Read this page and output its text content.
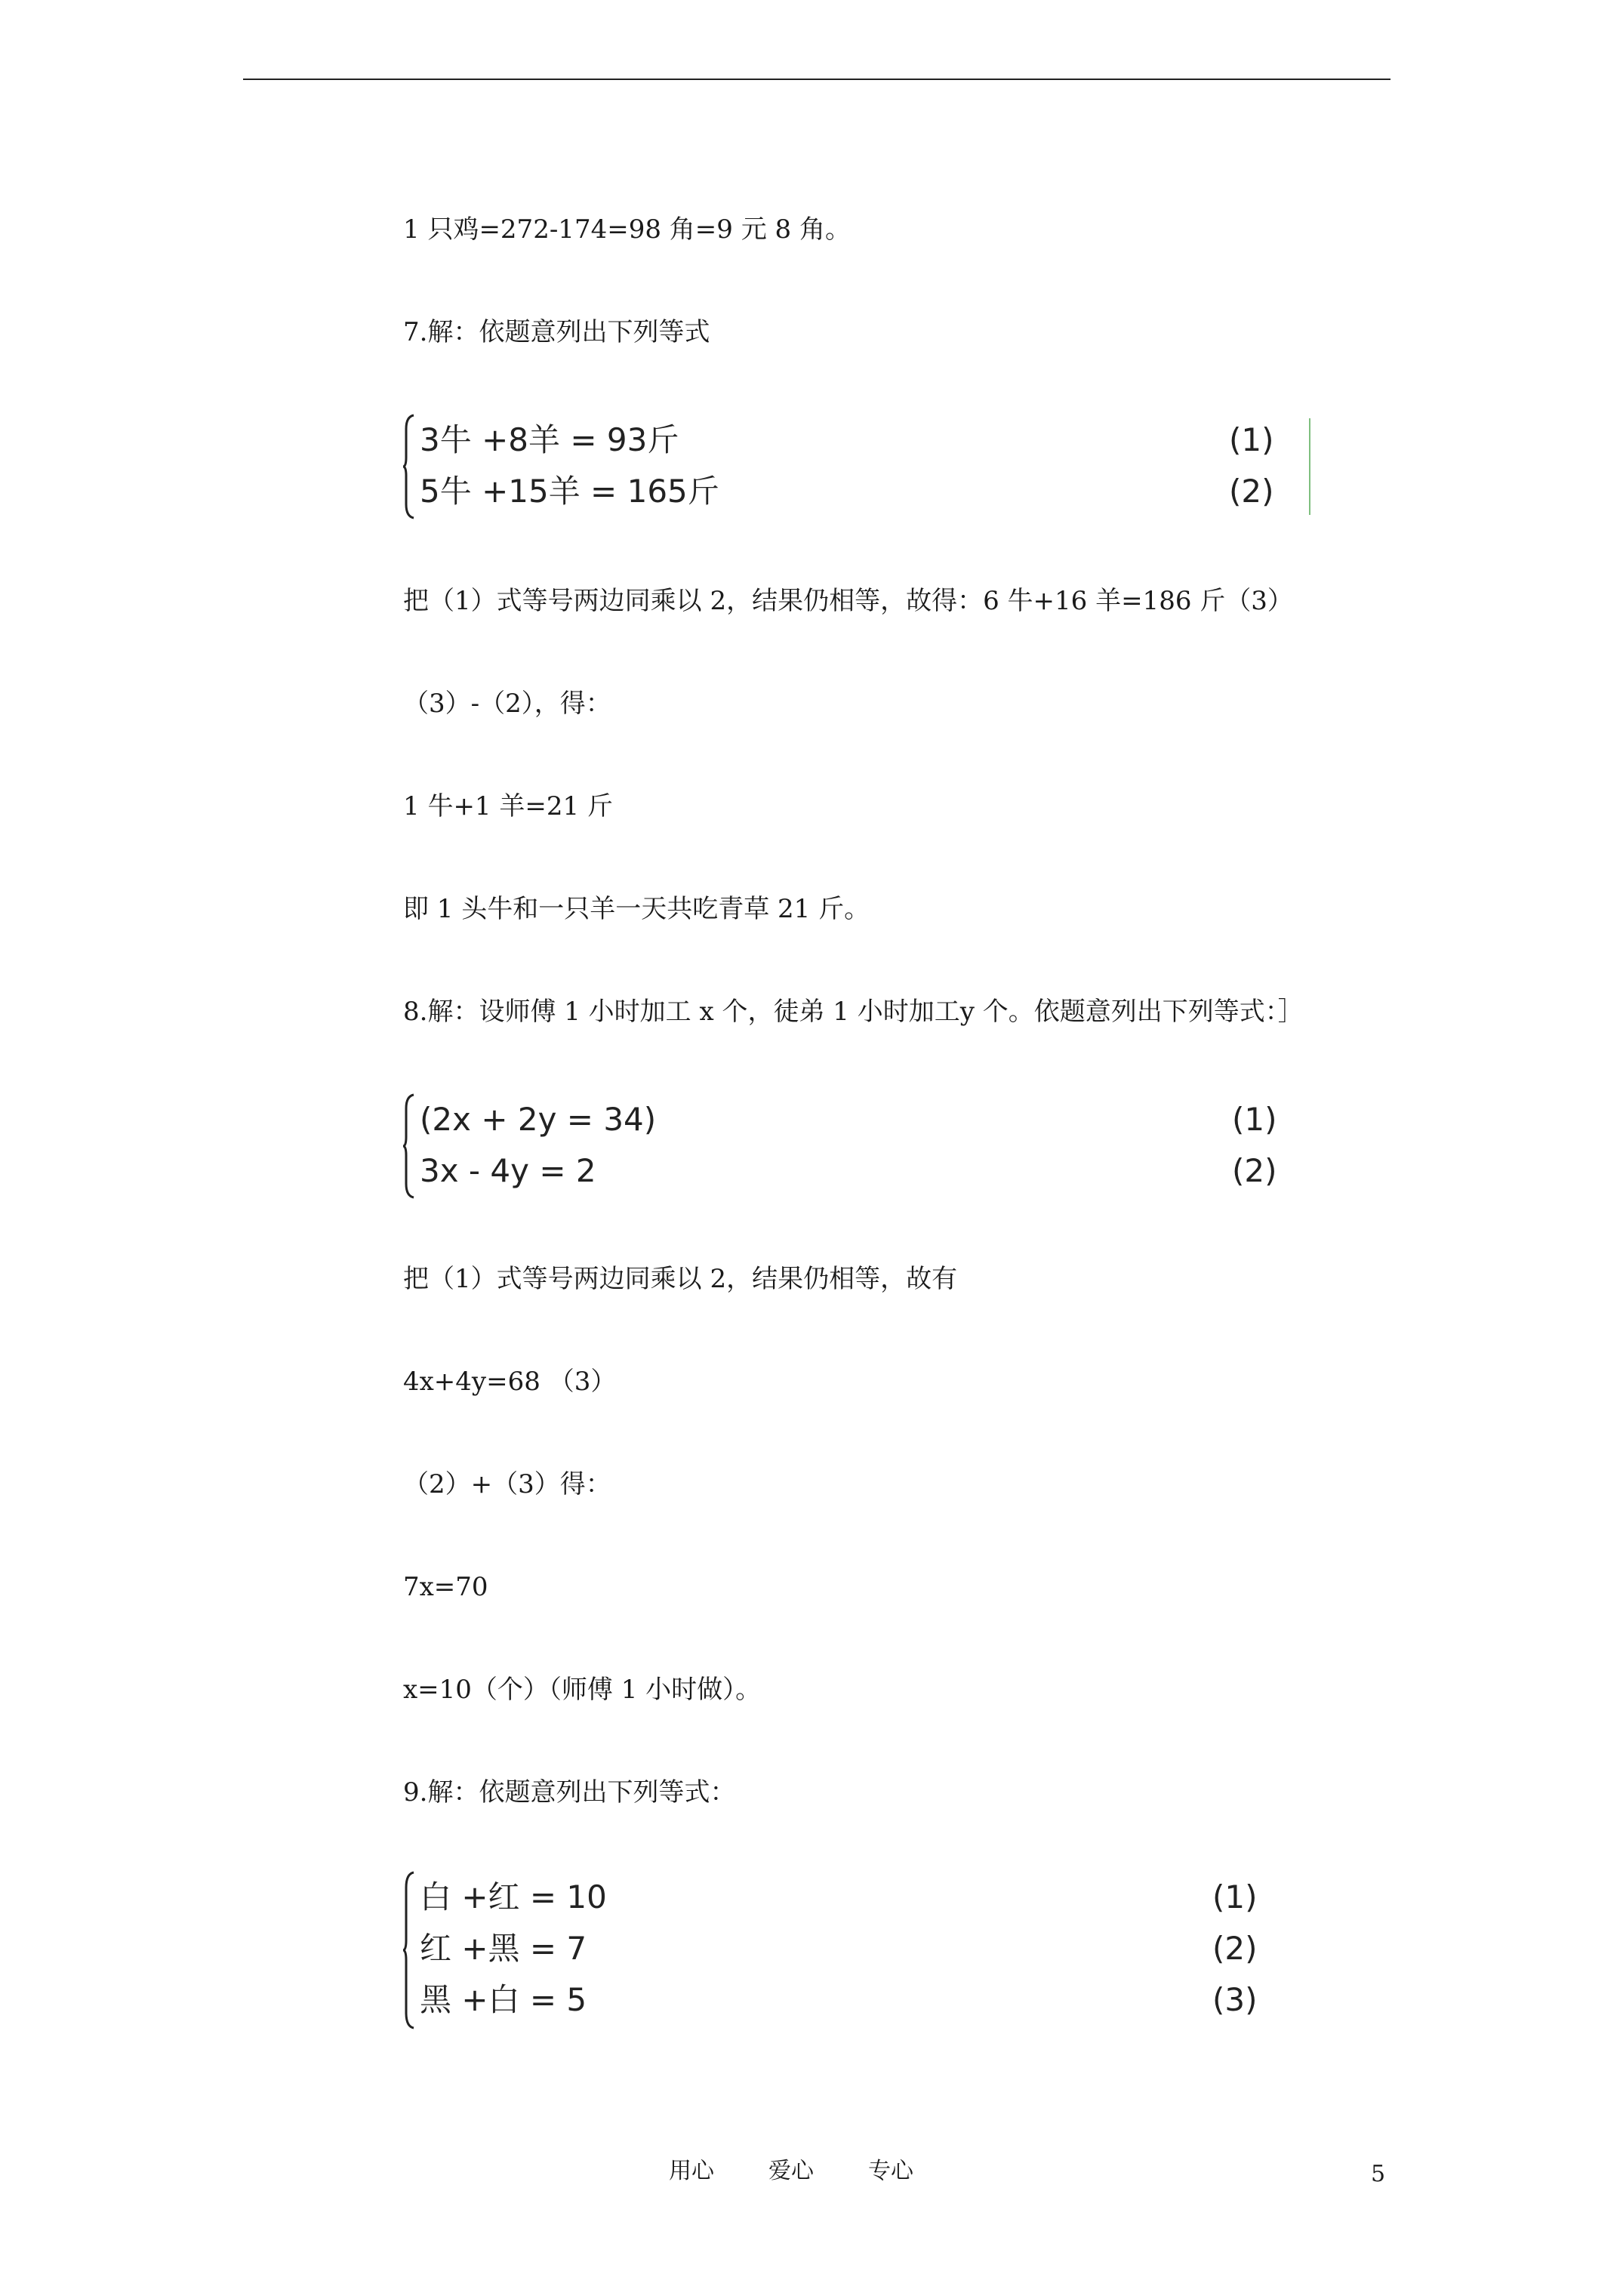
1 只鸡=272-174=98 角=9 元 8 角。
7.解：依题意列出下列等式
3牛 +8羊 = 93斤
5牛 +15羊 = 165斤
(1)
(2)
把（1）式等号两边同乘以 2，结果仍相等，故得：6 牛+16 羊=186 斤（3）
（3）-（2），得：
1 牛+1 羊=21 斤
即 1 头牛和一只羊一天共吃青草 21 斤。
8.解：设师傅 1 小时加工 x 个，徒弟 1 小时加工y 个。依题意列出下列等式：］
(2x + 2y = 34)
3x - 4y = 2
(1)
(2)
把（1）式等号两边同乘以 2，结果仍相等，故有
4x+4y=68 （3）
（2）+（3）得：
7x=70
x=10（个）（师傅 1 小时做）。
9.解：依题意列出下列等式：
白 +红 = 10
红 +黑 = 7
黑 +白 = 5
(1)
(2)
(3)
用心 爱心 专心	5
